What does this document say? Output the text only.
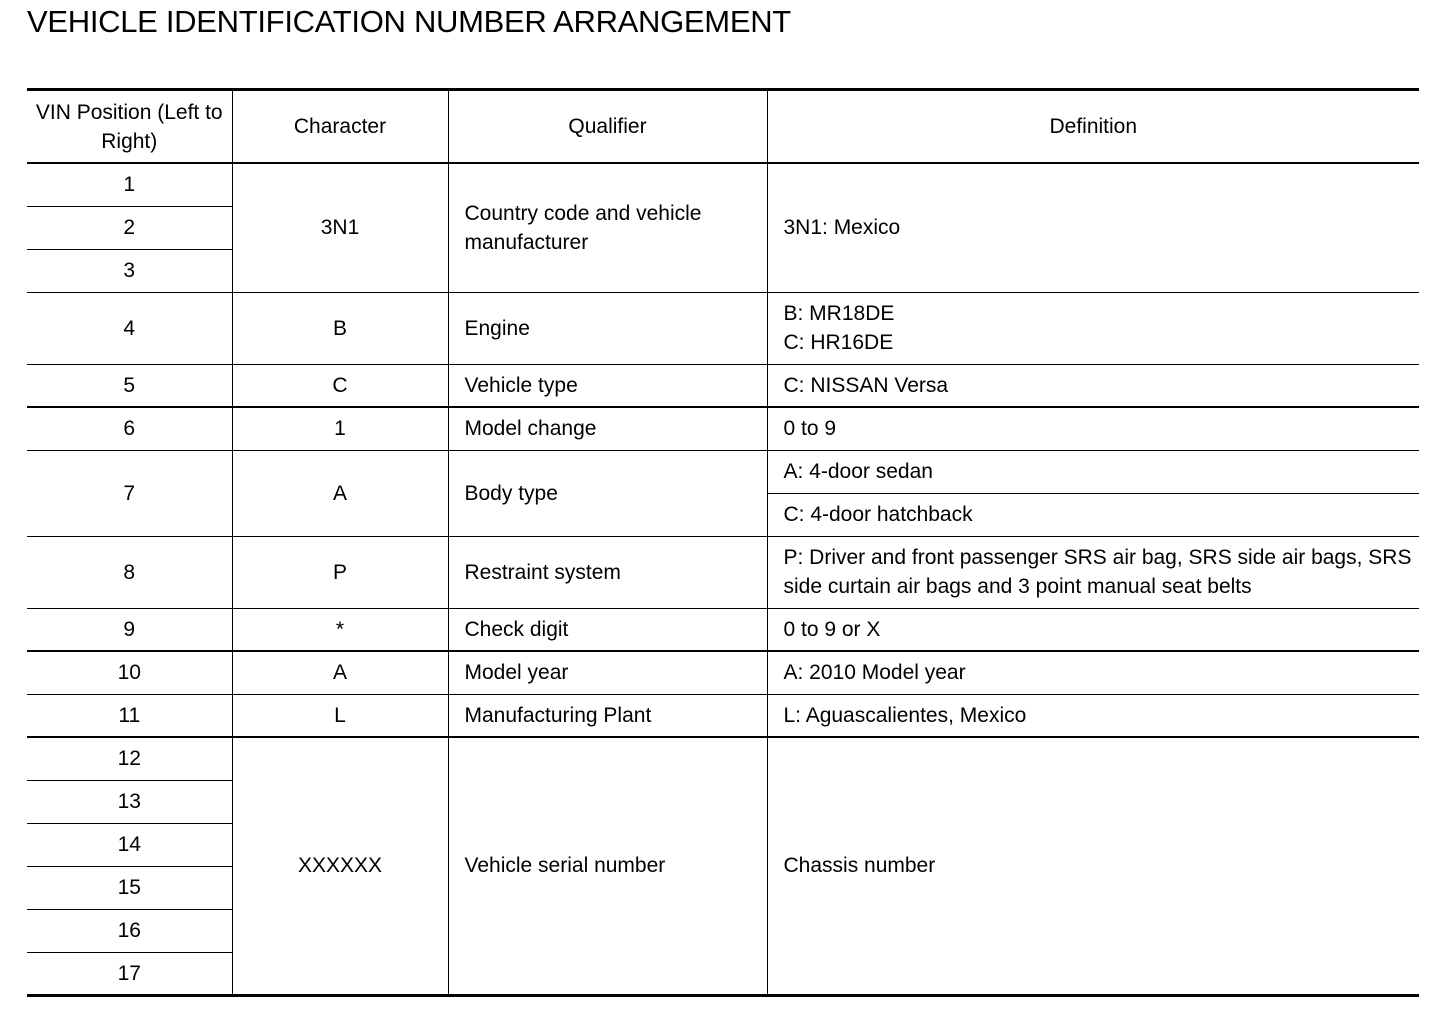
VEHICLE IDENTIFICATION NUMBER ARRANGEMENT
VIN Position (Left to Right)	Character	Qualifier	Definition
1	3N1	Country code and vehicle manufacturer	3N1: Mexico
2			
3			
4	B	Engine	B: MR18DE
C: HR16DE

5	C	Vehicle type	C: NISSAN Versa
6	1	Model change	0 to 9
7	A	Body type	A: 4-door sedan
			C: 4-door hatchback
8	P	Restraint system	P: Driver and front passenger SRS air bag, SRS side air bags, SRS side curtain air bags and 3 point manual seat belts
9	*	Check digit	0 to 9 or X
10	A	Model year	A: 2010 Model year
11	L	Manufacturing Plant	L: Aguascalientes, Mexico
12	XXXXXX	Vehicle serial number	Chassis number
13			
14			
15			
16			
17			
